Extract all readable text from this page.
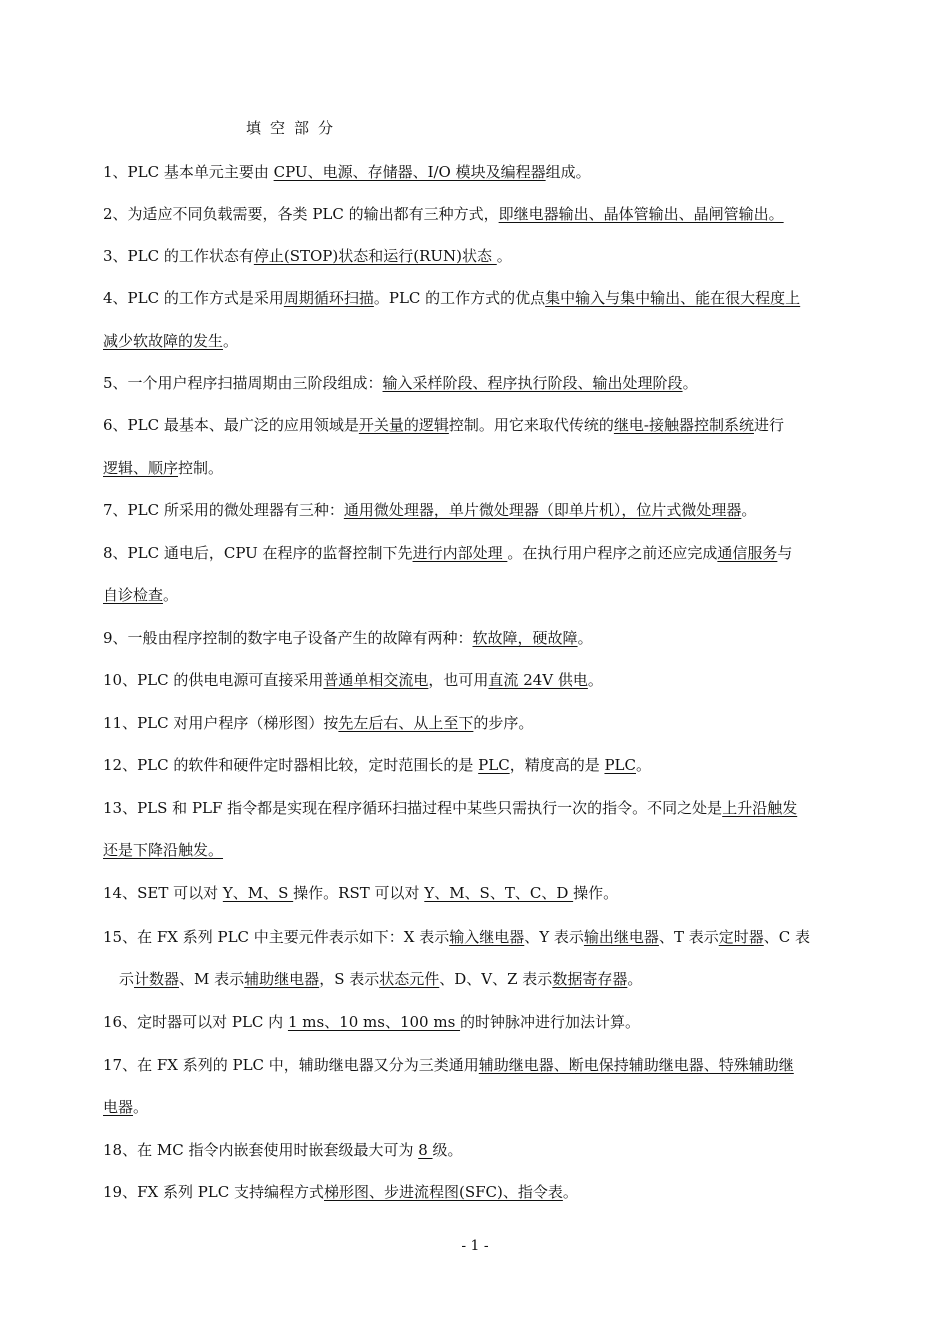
填空部分
1、PLC 基本单元主要由 CPU、电源、存储器、I/O 模块及编程器组成。
2、为适应不同负载需要，各类 PLC 的输出都有三种方式，即继电器输出、晶体管输出、晶闸管输出。
3、PLC 的工作状态有停止(STOP)状态和运行(RUN)状态 。
4、PLC 的工作方式是采用周期循环扫描。PLC 的工作方式的优点集中输入与集中输出、能在很大程度上
减少软故障的发生。
5、一个用户程序扫描周期由三阶段组成：输入采样阶段、程序执行阶段、输出处理阶段。
6、PLC 最基本、最广泛的应用领域是开关量的逻辑控制。用它来取代传统的继电-接触器控制系统进行
逻辑、顺序控制。
7、PLC 所采用的微处理器有三种：通用微处理器，单片微处理器（即单片机），位片式微处理器。
8、PLC 通电后，CPU 在程序的监督控制下先进行内部处理 。在执行用户程序之前还应完成通信服务与
自诊检查。
9、一般由程序控制的数字电子设备产生的故障有两种：软故障，硬故障。
10、PLC 的供电电源可直接采用普通单相交流电，也可用直流 24V 供电。
11、PLC 对用户程序（梯形图）按先左后右、从上至下的步序。
12、PLC 的软件和硬件定时器相比较，定时范围长的是 PLC，精度高的是 PLC。
13、PLS 和 PLF 指令都是实现在程序循环扫描过程中某些只需执行一次的指令。不同之处是上升沿触发
还是下降沿触发。
14、SET 可以对 Y、M、S 操作。RST 可以对 Y、M、S、T、C、D 操作。
15、在 FX 系列 PLC 中主要元件表示如下：X 表示输入继电器、Y 表示输出继电器、T 表示定时器、C 表
示计数器、M 表示辅助继电器，S 表示状态元件、D、V、Z 表示数据寄存器。
16、定时器可以对 PLC 内 1 ms、10 ms、100 ms 的时钟脉冲进行加法计算。
17、在 FX 系列的 PLC 中，辅助继电器又分为三类通用辅助继电器、断电保持辅助继电器、特殊辅助继
电器。
18、在 MC 指令内嵌套使用时嵌套级最大可为 8 级。
19、FX 系列 PLC 支持编程方式梯形图、步进流程图(SFC)、指令表。
- 1 -
